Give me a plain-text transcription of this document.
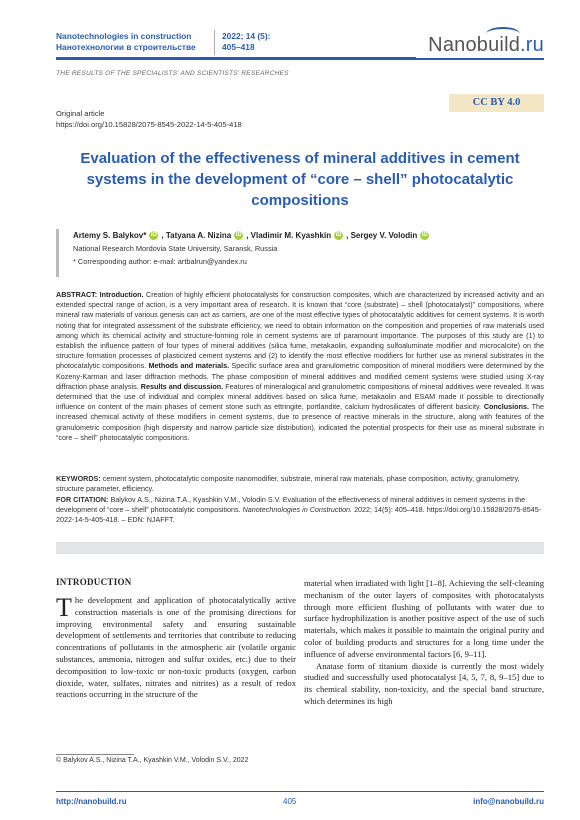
Nanotechnologies in construction
Нанотехнологии в строительстве
2022; 14 (5):
405–418	Nanobuild.ru
THE RESULTS OF THE SPECIALISTS' AND SCIENTISTS' RESEARCHES
Original article
https://doi.org/10.15828/2075-8545-2022-14-5-405-418
CC BY 4.0
Evaluation of the effectiveness of mineral additives in cement systems in the development of “core – shell” photocatalytic compositions
Artemy S. Balykov* iD , Tatyana A. Nizina iD , Vladimir M. Kyashkin iD , Sergey V. Volodin iD
National Research Mordovia State University, Saransk, Russia
* Corresponding author: e-mail: artbalrun@yandex.ru
ABSTRACT: Introduction. Creation of highly efficient photocatalysts for construction composites, which are characterized by increased activity and an extended spectral range of action, is a very important area of research. It is known that “core (substrate) – shell (photocatalyst)” compositions, where mineral raw materials of various genesis can act as carriers, are one of the most effective types of photocatalytic additives for cement systems. It is worth noting that for integrated assessment of the substrate efficiency, we need to obtain information on the composition and properties of raw materials used among which its chemical activity and structure-forming role in cement systems are of paramount importance. The purposes of this study are (1) to establish the influence pattern of four types of mineral additives (silica fume, metakaolin, expanding sulfoaluminate modifier and microcalcite) on the structure formation processes of plasticized cement systems and (2) to identify the most effective modifiers for further use as mineral substrates in the photocatalytic compositions. Methods and materials. Specific surface area and granulometric composition of mineral modifiers were determined by the Kozeny-Karman and laser diffraction methods. The phase composition of mineral additives and modified cement systems were studied using X-ray diffraction phase analysis. Results and discussion. Features of mineralogical and granulometric compositions of mineral additives were revealed. It was determined that the use of individual and complex mineral additives based on silica fume, metakaolin and ESAM made it possible to directionally influence on content of the main phases of cement stone such as ettringite, portlandite, calcium hydrosilicates of different basicity. Conclusions. The increased chemical activity of these modifiers in cement systems, due to presence of reactive minerals in the structure, along with features of the granulometric composition (high dispersity and narrow particle size distribution), indicated the potential prospects for their use as mineral substrate in “core – shell” photocatalytic compositions.
KEYWORDS: cement system, photocatalytic composite nanomodifier, substrate, mineral raw materials, phase composition, activity, granulometry, structure parameter, efficiency.
FOR CITATION: Balykov A.S., Nizina T.A., Kyashkin V.M., Volodin S.V. Evaluation of the effectiveness of mineral additives in cement systems in the development of “core – shell” photocatalytic compositions. Nanotechnologies in Construction. 2022; 14(5): 405–418. https://doi.org/10.15828/2075-8545-2022-14-5-405-418. – EDN: NJAFFT.
INTRODUCTION
The development and application of photocatalytically active construction materials is one of the promising directions for improving environmental safety and ensuring sustainable development of settlements and territories that contribute to reducing concentrations of pollutants in the atmospheric air (volatile organic substances, ammonia, nitrogen and sulfur oxides, etc.) due to their decomposition to low-toxic or non-toxic products (oxygen, carbon dioxide, water, sulfates, nitrates and nitrites) as a result of redox reactions occurring in the structure of the

material when irradiated with light [1–8]. Achieving the self-cleaning mechanism of the outer layers of composites with photocatalysts through more efficient flushing of pollutants with water due to surface hydrophilization is another positive aspect of the use of such materials, which makes it possible to maintain the original purity and color of building products and structures for a long time under the influence of adverse environmental factors [6, 9–11].

Anatase form of titanium dioxide is currently the most widely studied and successfully used photocatalyst [4, 5, 7, 8, 9–15] due to its chemical stability, non-toxicity, and the special band structure, which determines its high

© Balykov A.S., Nizina T.A., Kyashkin V.M., Volodin S.V., 2022
http://nanobuild.ru	405	info@nanobuild.ru
